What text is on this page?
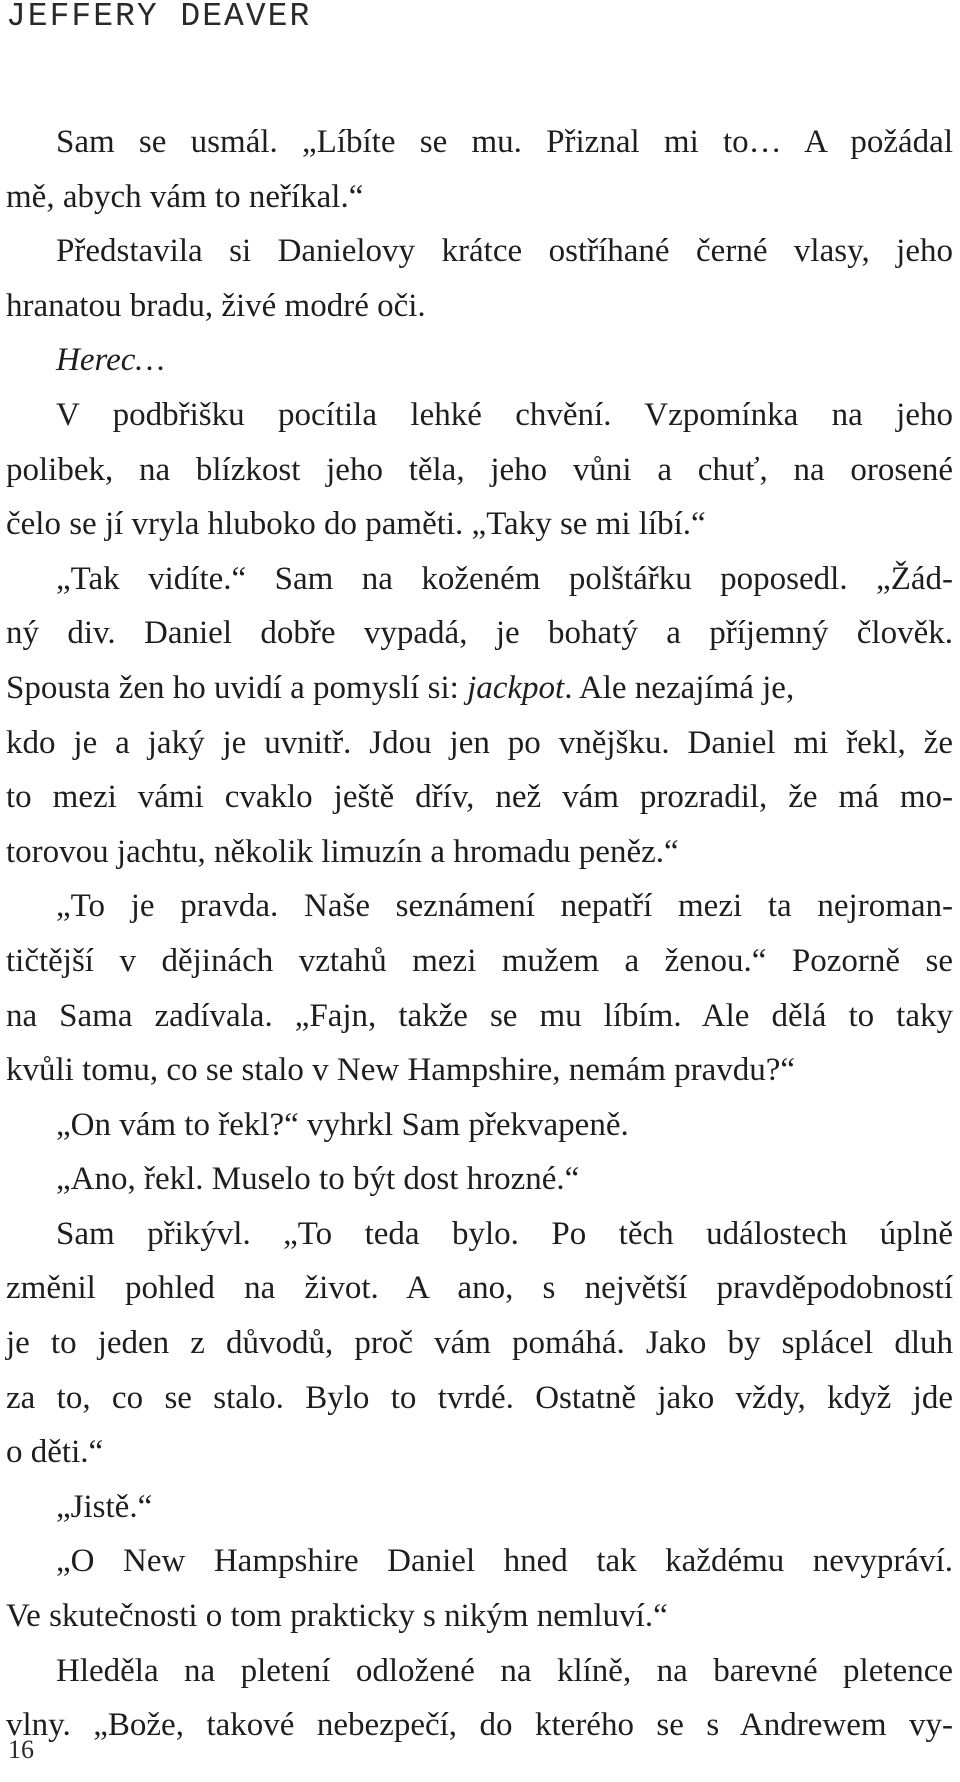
JEFFERY DEAVER
Sam se usmál. „Líbíte se mu. Přiznal mi to… A požádal
mě, abych vám to neříkal.“
Představila si Danielovy krátce ostříhané černé vlasy, jeho
hranatou bradu, živé modré oči.
Herec…
V podbřišku pocítila lehké chvění. Vzpomínka na jeho
polibek, na blízkost jeho těla, jeho vůni a chuť, na orosené
čelo se jí vryla hluboko do paměti. „Taky se mi líbí.“
„Tak vidíte.“ Sam na koženém polštářku poposedl. „Žád-
ný div. Daniel dobře vypadá, je bohatý a příjemný člověk.
Spousta žen ho uvidí a pomyslí si: jackpot. Ale nezajímá je,
kdo je a jaký je uvnitř. Jdou jen po vnějšku. Daniel mi řekl, že
to mezi vámi cvaklo ještě dřív, než vám prozradil, že má mo-
torovou jachtu, několik limuzín a hromadu peněz.“
„To je pravda. Naše seznámení nepatří mezi ta nejroman-
tičtější v dějinách vztahů mezi mužem a ženou.“ Pozorně se
na Sama zadívala. „Fajn, takže se mu líbím. Ale dělá to taky
kvůli tomu, co se stalo v New Hampshire, nemám pravdu?“
„On vám to řekl?“ vyhrkl Sam překvapeně.
„Ano, řekl. Muselo to být dost hrozné.“
Sam přikývl. „To teda bylo. Po těch událostech úplně
změnil pohled na život. A ano, s největší pravděpodobností
je to jeden z důvodů, proč vám pomáhá. Jako by splácel dluh
za to, co se stalo. Bylo to tvrdé. Ostatně jako vždy, když jde
o děti.“
„Jistě.“
„O New Hampshire Daniel hned tak každému nevypráví.
Ve skutečnosti o tom prakticky s nikým nemluví.“
Hleděla na pletení odložené na klíně, na barevné pletence
vlny. „Bože, takové nebezpečí, do kterého se s Andrewem vy-
16
